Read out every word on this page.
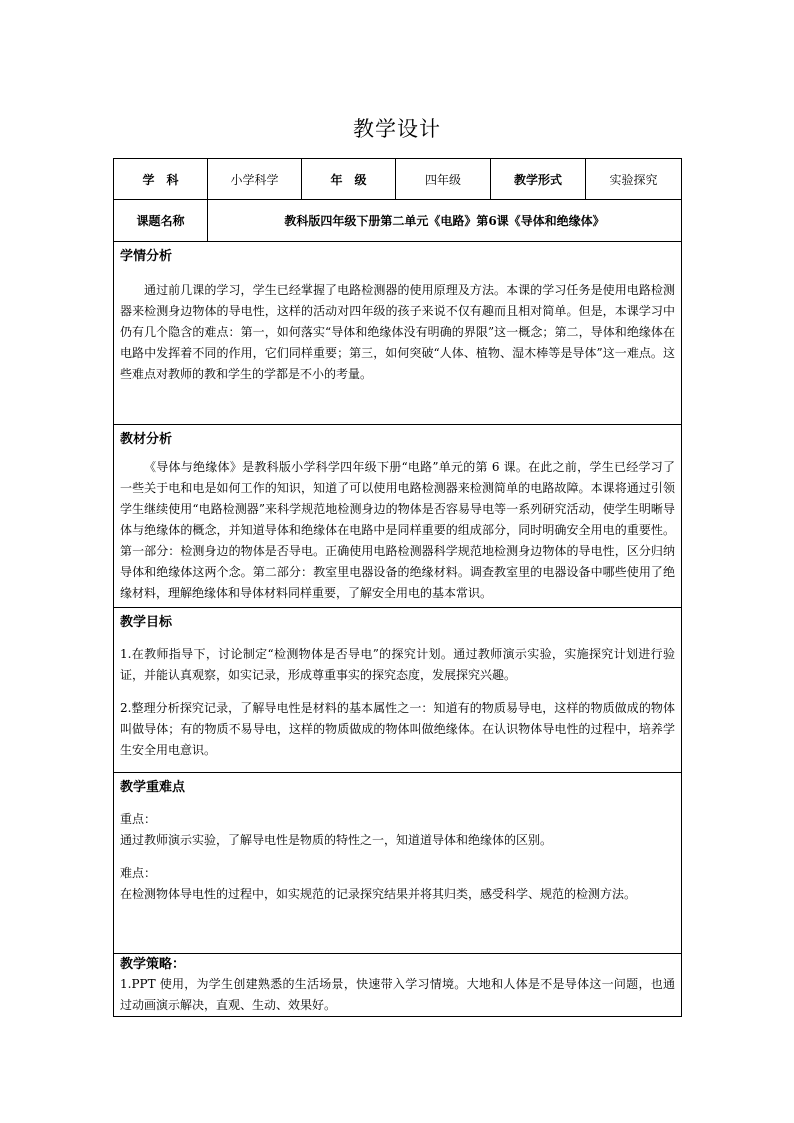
教学设计
学　科	小学科学	年　级	四年级	教学形式	实验探究
课题名称	教科版四年级下册第二单元《电路》第6课《导体和绝缘体》				

学情分析

通过前几课的学习，学生已经掌握了电路检测器的使用原理及方法。本课的学习任务是使用电路检测器来检测身边物体的导电性，这样的活动对四年级的孩子来说不仅有趣而且相对简单。但是，本课学习中仍有几个隐含的难点：第一，如何落实“导体和绝缘体没有明确的界限”这一概念；第二，导体和绝缘体在电路中发挥着不同的作用，它们同样重要；第三，如何突破“人体、植物、湿木棒等是导体”这一难点。这些难点对教师的教和学生的学都是不小的考量。					

教材分析

《导体与绝缘体》是教科版小学科学四年级下册“电路”单元的第 6 课。在此之前，学生已经学习了一些关于电和电是如何工作的知识，知道了可以使用电路检测器来检测简单的电路故障。本课将通过引领学生继续使用“电路检测器”来科学规范地检测身边的物体是否容易导电等一系列研究活动，使学生明晰导体与绝缘体的概念，并知道导体和绝缘体在电路中是同样重要的组成部分，同时明确安全用电的重要性。第一部分：检测身边的物体是否导电。正确使用电路检测器科学规范地检测身边物体的导电性，区分归纳导体和绝缘体这两个念。第二部分：教室里电器设备的绝缘材料。调查教室里的电器设备中哪些使用了绝缘材料，理解绝缘体和导体材料同样重要，了解安全用电的基本常识。					

教学目标

1.在教师指导下，讨论制定“检测物体是否导电”的探究计划。通过教师演示实验，实施探究计划进行验证，并能认真观察，如实记录，形成尊重事实的探究态度，发展探究兴趣。

2.整理分析探究记录，了解导电性是材料的基本属性之一：知道有的物质易导电，这样的物质做成的物体叫做导体；有的物质不易导电，这样的物质做成的物体叫做绝缘体。在认识物体导电性的过程中，培养学生安全用电意识。					

教学重难点

重点：

通过教师演示实验，了解导电性是物质的特性之一，知道道导体和绝缘体的区别。

难点：

在检测物体导电性的过程中，如实规范的记录探究结果并将其归类，感受科学、规范的检测方法。					

教学策略：

1.PPT 使用，为学生创建熟悉的生活场景，快速带入学习情境。大地和人体是不是导体这一问题，也通过动画演示解决，直观、生动、效果好。					
